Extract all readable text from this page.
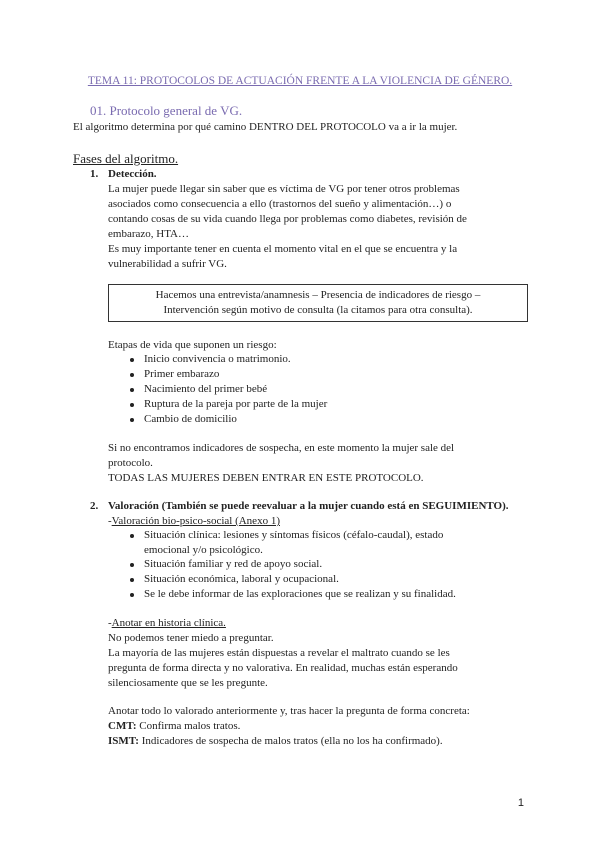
TEMA 11: PROTOCOLOS DE ACTUACIÓN FRENTE A LA VIOLENCIA DE GÉNERO.
01. Protocolo general de VG.
El algoritmo determina por qué camino DENTRO DEL PROTOCOLO va a ir la mujer.
Fases del algoritmo.
1. Detección.
La mujer puede llegar sin saber que es víctima de VG por tener otros problemas
asociados como consecuencia a ello (trastornos del sueño y alimentación…) o
contando cosas de su vida cuando llega por problemas como diabetes, revisión de
embarazo, HTA…
Es muy importante tener en cuenta el momento vital en el que se encuentra y la
vulnerabilidad a sufrir VG.
Hacemos una entrevista/anamnesis – Presencia de indicadores de riesgo –
Intervención según motivo de consulta (la citamos para otra consulta).
Etapas de vida que suponen un riesgo:
Inicio convivencia o matrimonio.
Primer embarazo
Nacimiento del primer bebé
Ruptura de la pareja por parte de la mujer
Cambio de domicilio
Si no encontramos indicadores de sospecha, en este momento la mujer sale del
protocolo.
TODAS LAS MUJERES DEBEN ENTRAR EN ESTE PROTOCOLO.
2. Valoración (También se puede reevaluar a la mujer cuando está en SEGUIMIENTO).
-Valoración bio-psico-social (Anexo 1)
Situación clínica: lesiones y síntomas físicos (céfalo-caudal), estado
emocional y/o psicológico.
Situación familiar y red de apoyo social.
Situación económica, laboral y ocupacional.
Se le debe informar de las exploraciones que se realizan y su finalidad.
-Anotar en historia clínica.
No podemos tener miedo a preguntar.
La mayoría de las mujeres están dispuestas a revelar el maltrato cuando se les
pregunta de forma directa y no valorativa. En realidad, muchas están esperando
silenciosamente que se les pregunte.
Anotar todo lo valorado anteriormente y, tras hacer la pregunta de forma concreta:
CMT: Confirma malos tratos.
ISMT: Indicadores de sospecha de malos tratos (ella no los ha confirmado).
1
